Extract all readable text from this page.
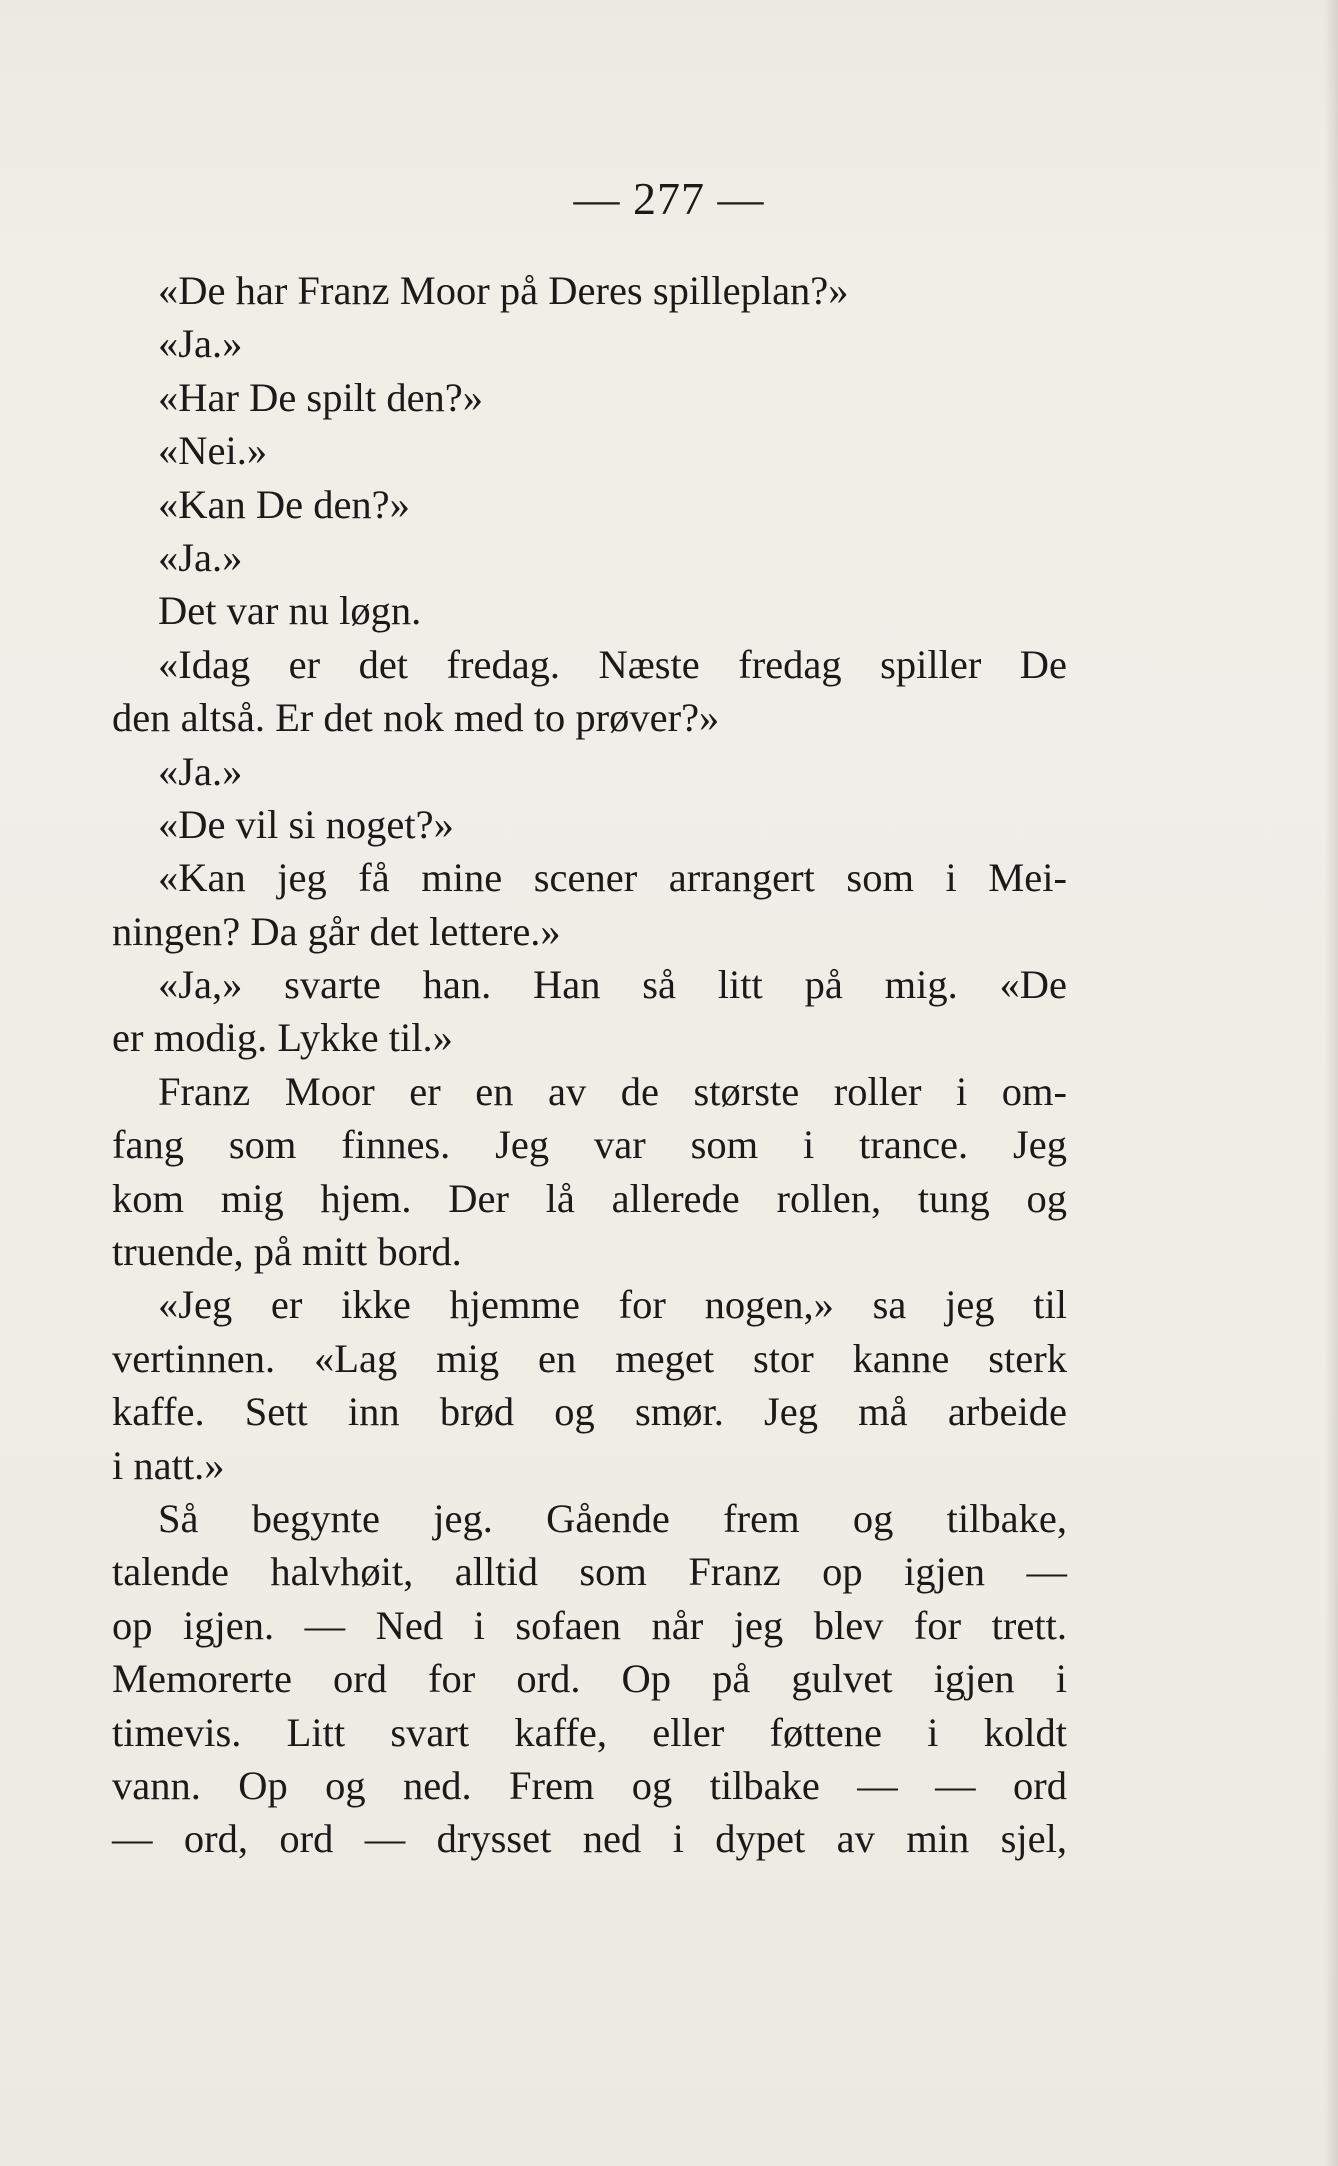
— 277 —
«De har Franz Moor på Deres spilleplan?»
«Ja.»
«Har De spilt den?»
«Nei.»
«Kan De den?»
«Ja.»
Det var nu løgn.
«Idag er det fredag. Næste fredag spiller De
den altså. Er det nok med to prøver?»
«Ja.»
«De vil si noget?»
«Kan jeg få mine scener arrangert som i Mei-
ningen? Da går det lettere.»
«Ja,» svarte han. Han så litt på mig. «De
er modig. Lykke til.»
Franz Moor er en av de største roller i om-
fang som finnes. Jeg var som i trance. Jeg
kom mig hjem. Der lå allerede rollen, tung og
truende, på mitt bord.
«Jeg er ikke hjemme for nogen,» sa jeg til
vertinnen. «Lag mig en meget stor kanne sterk
kaffe. Sett inn brød og smør. Jeg må arbeide
i natt.»
Så begynte jeg. Gående frem og tilbake,
talende halvhøit, alltid som Franz op igjen —
op igjen. — Ned i sofaen når jeg blev for trett.
Memorerte ord for ord. Op på gulvet igjen i
timevis. Litt svart kaffe, eller føttene i koldt
vann. Op og ned. Frem og tilbake — — ord
— ord, ord — drysset ned i dypet av min sjel,
